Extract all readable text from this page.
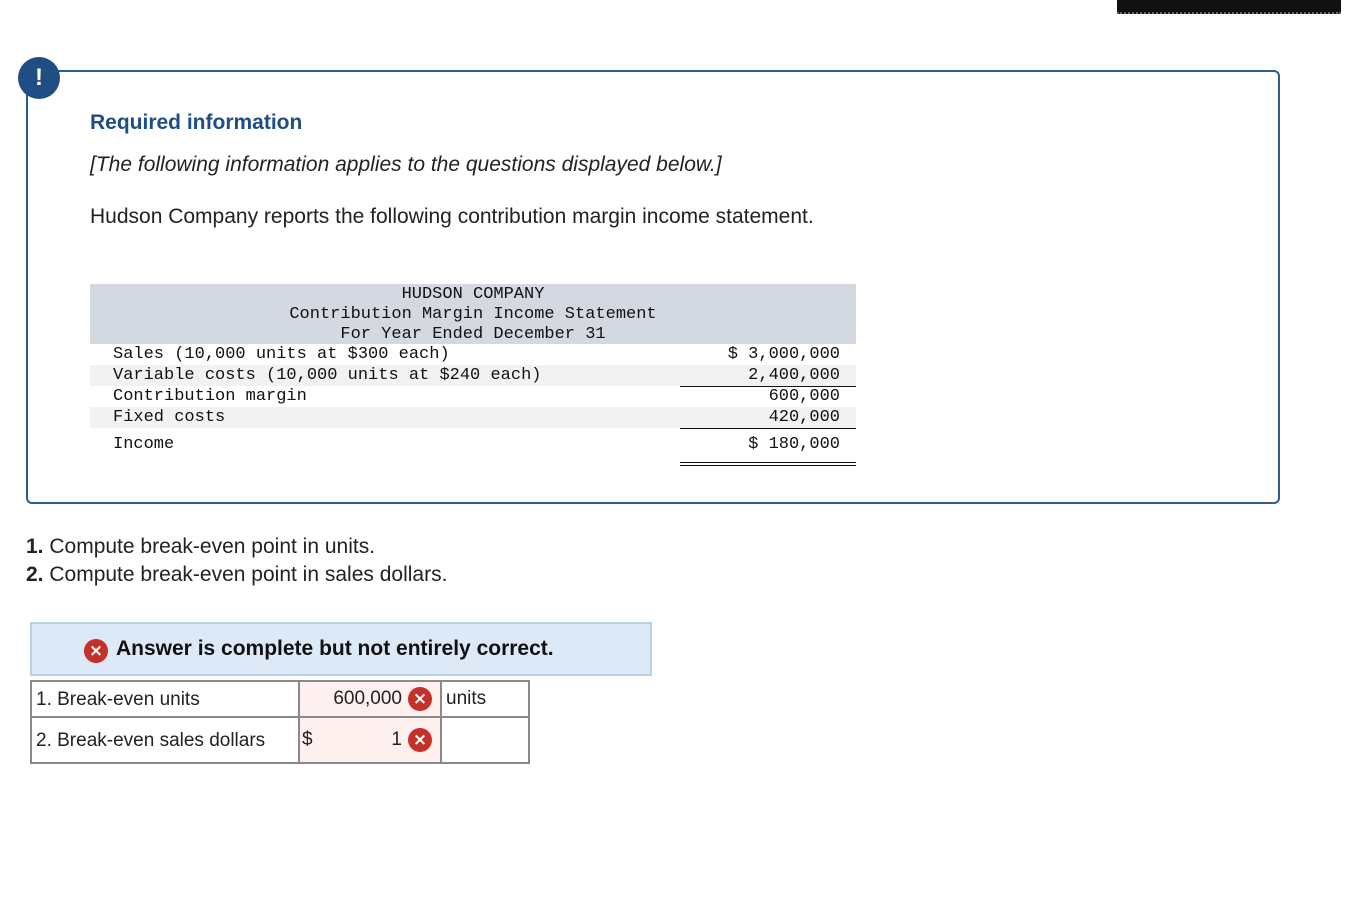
!
Required information
[The following information applies to the questions displayed below.]
Hudson Company reports the following contribution margin income statement.
HUDSON COMPANY
Contribution Margin Income Statement
For Year Ended December 31
Sales (10,000 units at $300 each)	$ 3,000,000
Variable costs (10,000 units at $240 each)	2,400,000
Contribution margin	600,000
Fixed costs	420,000
Income	$ 180,000
1. Compute break-even point in units.
2. Compute break-even point in sales dollars.
× Answer is complete but not entirely correct.
1. Break-even units	600,000 ×	units
2. Break-even sales dollars	$ 1 ×	
